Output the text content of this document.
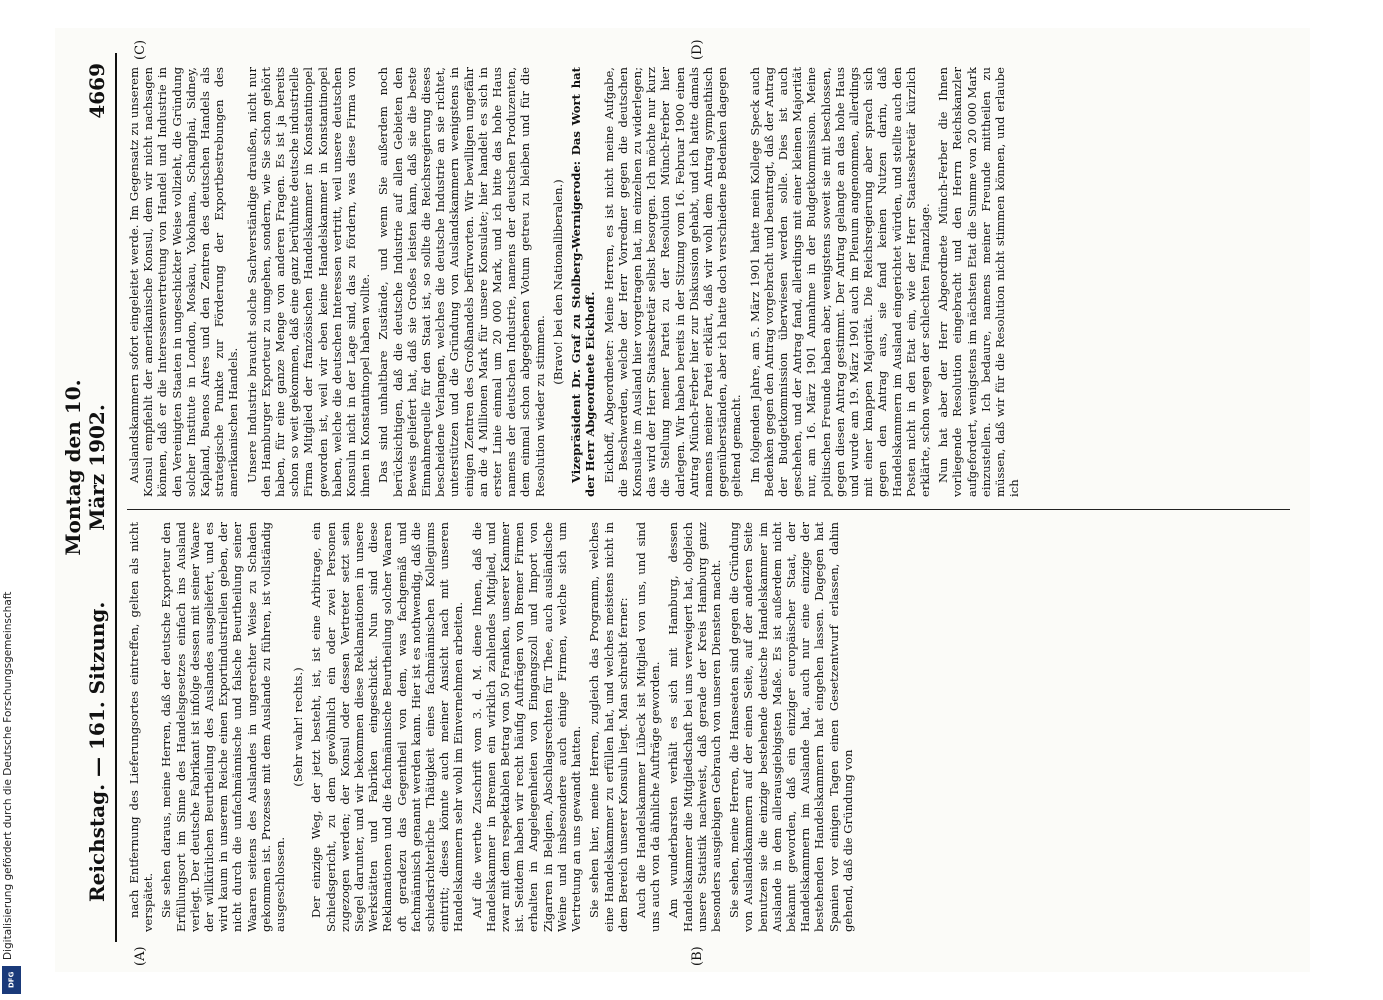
Digitalisierung gefördert durch die Deutsche Forschungsgemeinschaft
DFG
Reichstag. — 161. Sitzung.
Montag den 10. März 1902.
4669
(A)	(B)
(C)	(D)

nach Entfernung des Lieferungsortes eintreffen, gelten als nicht verspätet. Sie sehen daraus, meine Herren, daß der deutsche Exporteur den Erfüllungsort im Sinne des Handelsgesetzes einfach ins Ausland verlegt. Der deutsche Fabrikant ist infolge dessen mit seiner Waare der willkürlichen Beurtheilung des Auslandes ausgeliefert, und es wird kaum in unserem Reiche einen Exportindustriellen geben, der nicht durch die unfachmännische und falsche Beurtheilung seiner Waaren seitens des Auslandes in ungerechter Weise zu Schaden gekommen ist. Prozesse mit dem Auslande zu führen, ist vollständig ausgeschlossen.

(Sehr wahr! rechts.) Der einzige Weg, der jetzt besteht, ist, ist eine Arbitrage, ein Schiedsgericht, zu dem gewöhnlich ein oder zwei Personen zugezogen werden; der Konsul oder dessen Vertreter setzt sein Siegel darunter, und wir bekommen diese Reklamationen in unsere Werkstätten und Fabriken eingeschickt. Nun sind diese Reklamationen und die fachmännische Beurtheilung solcher Waaren oft geradezu das Gegentheil von dem, was fachgemäß und fachmännisch genannt werden kann. Hier ist es nothwendig, daß die schiedsrichterliche Thätigkeit eines fachmännischen Kollegiums eintritt; dieses könnte auch meiner Ansicht nach mit unseren Handelskammern sehr wohl im Einvernehmen arbeiten. Auf die werthe Zuschrift vom 3. d. M. diene Ihnen, daß die Handelskammer in Bremen ein wirklich zahlendes Mitglied, und zwar mit dem respektablen Betrag von 50 Franken, unserer Kammer ist. Seitdem haben wir recht häufig Aufträgen von Bremer Firmen erhalten in Angelegenheiten von Eingangszoll und Import von Zigarren in Belgien, Abschlagsrechten für Thee, auch ausländische Weine und insbesondere auch einige Firmen, welche sich um Vertretung an uns gewandt hatten. Sie sehen hier, meine Herren, zugleich das Programm, welches eine Handelskammer zu erfüllen hat, und welches meistens nicht in dem Bereich unserer Konsuln liegt. Man schreibt ferner: Auch die Handelskammer Lübeck ist Mitglied von uns, und sind uns auch von da ähnliche Aufträge geworden. Am wunderbarsten verhält es sich mit Hamburg, dessen Handelskammer die Mitgliedschaft bei uns verweigert hat, obgleich unsere Statistik nachweist, daß gerade der Kreis Hamburg ganz besonders ausgiebigen Gebrauch von unseren Diensten macht. Sie sehen, meine Herren, die Hanseaten sind gegen die Gründung von Auslandskammern auf der einen Seite, auf der anderen Seite benutzen sie die einzige bestehende deutsche Handelskammer im Auslande in dem allerausgiebigsten Maße. Es ist außerdem nicht bekannt geworden, daß ein einziger europäischer Staat, der Handelskammern im Auslande hat, auch nur eine einzige der bestehenden Handelskammern hat eingehen lassen. Dagegen hat Spanien vor einigen Tagen einen Gesetzentwurf erlassen, dahin gehend, daß die Gründung von

Auslandskammern sofort eingeleitet werde. Im Gegensatz zu unserem Konsul empfiehlt der amerikanische Konsul, dem wir nicht nachsagen können, daß er die Interessenvertretung von Handel und Industrie in den Vereinigten Staaten in ungeschickter Weise vollzieht, die Gründung solcher Institute in London, Moskau, Yokohama, Schanghai, Sidney, Kapland, Buenos Aires und den Zentren des deutschen Handels als strategische Punkte zur Förderung der Exportbestrebungen des amerikanischen Handels. Unsere Industrie braucht solche Sachverständige draußen, nicht nur den Hamburger Exporteur zu umgehen, sondern, wie Sie schon gehört haben, für eine ganze Menge von anderen Fragen. Es ist ja bereits schon so weit gekommen, daß eine ganz berühmte deutsche industrielle Firma Mitglied der französischen Handelskammer in Konstantinopel geworden ist, weil wir eben keine Handelskammer in Konstantinopel haben, welche die deutschen Interessen vertritt, weil unsere deutschen Konsuln nicht in der Lage sind, das zu fördern, was diese Firma von ihnen in Konstantinopel haben wollte. Das sind unhaltbare Zustände, und wenn Sie außerdem noch berücksichtigen, daß die deutsche Industrie auf allen Gebieten den Beweis geliefert hat, daß sie Großes leisten kann, daß sie die beste Einnahmequelle für den Staat ist, so sollte die Reichsregierung dieses bescheidene Verlangen, welches die deutsche Industrie an sie richtet, unterstützen und die Gründung von Auslandskammern wenigstens in einigen Zentren des Großhandels befürworten. Wir bewilligen ungefähr an die 4 Millionen Mark für unsere Konsulate; hier handelt es sich in erster Linie einmal um 20 000 Mark, und ich bitte das hohe Haus namens der deutschen Industrie, namens der deutschen Produzenten, dem einmal schon abgegebenen Votum getreu zu bleiben und für die Resolution wieder zu stimmen.

(Bravo! bei den Nationalliberalen.) Vizepräsident Dr. Graf zu Stolberg-Wernigerode: Das Wort hat der Herr Abgeordnete Eickhoff. Eickhoff, Abgeordneter: Meine Herren, es ist nicht meine Aufgabe, die Beschwerden, welche der Herr Vorredner gegen die deutschen Konsulate im Ausland hier vorgetragen hat, im einzelnen zu widerlegen; das wird der Herr Staatssekretär selbst besorgen. Ich möchte nur kurz die Stellung meiner Partei zu der Resolution Münch-Ferber hier darlegen. Wir haben bereits in der Sitzung vom 16. Februar 1900 einen Antrag Münch-Ferber hier zur Diskussion gehabt, und ich hatte damals namens meiner Partei erklärt, daß wir wohl dem Antrag sympathisch gegenüberständen, aber ich hatte doch verschiedene Bedenken dagegen geltend gemacht. Im folgenden Jahre, am 5. März 1901 hatte mein Kollege Speck auch Bedenken gegen den Antrag vorgebracht und beantragt, daß der Antrag der Budgetkommission überwiesen werden solle. Dies ist auch geschehen, und der Antrag fand, allerdings mit einer kleinen Majorität nur, am 16. März 1901 Annahme in der Budgetkommission. Meine politischen Freunde haben aber, wenigstens soweit sie mit beschlossen, gegen diesen Antrag gestimmt. Der Antrag gelangte an das hohe Haus und wurde am 19. März 1901 auch im Plenum angenommen, allerdings mit einer knappen Majorität. Die Reichsregierung aber sprach sich gegen den Antrag aus, sie fand keinen Nutzen darin, daß Handelskammern im Ausland eingerichtet würden, und stellte auch den Posten nicht in den Etat ein, wie der Herr Staatssekretär kürzlich erklärte, schon wegen der schlechten Finanzlage. Nun hat aber der Herr Abgeordnete Münch-Ferber die Ihnen vorliegende Resolution eingebracht und den Herrn Reichskanzler aufgefordert, wenigstens im nächsten Etat die Summe von 20 000 Mark einzustellen. Ich bedaure, namens meiner Freunde mittheilen zu müssen, daß wir für die Resolution nicht stimmen können, und erlaube ich
